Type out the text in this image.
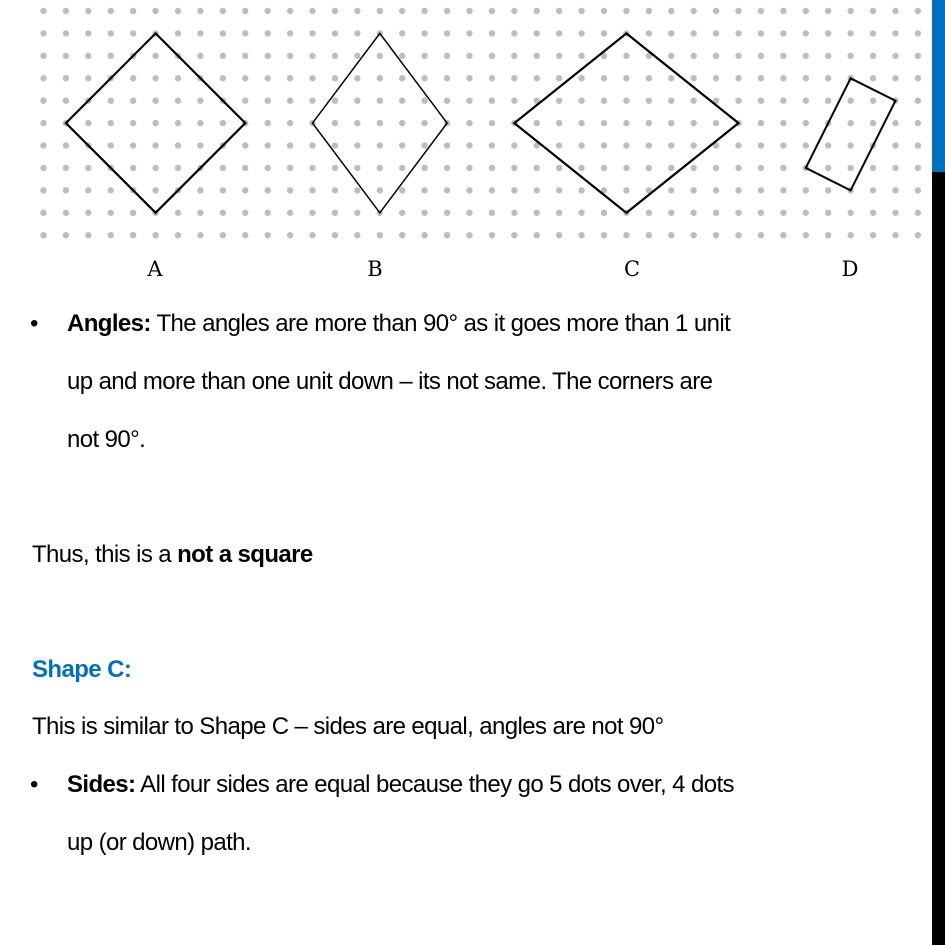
A	B	C	D
• Angles: The angles are more than 90° as it goes more than 1 unit
up and more than one unit down – its not same. The corners are
not 90°.
Thus, this is a not a square
Shape C:
This is similar to Shape C – sides are equal, angles are not 90°
• Sides: All four sides are equal because they go 5 dots over, 4 dots
up (or down) path.
